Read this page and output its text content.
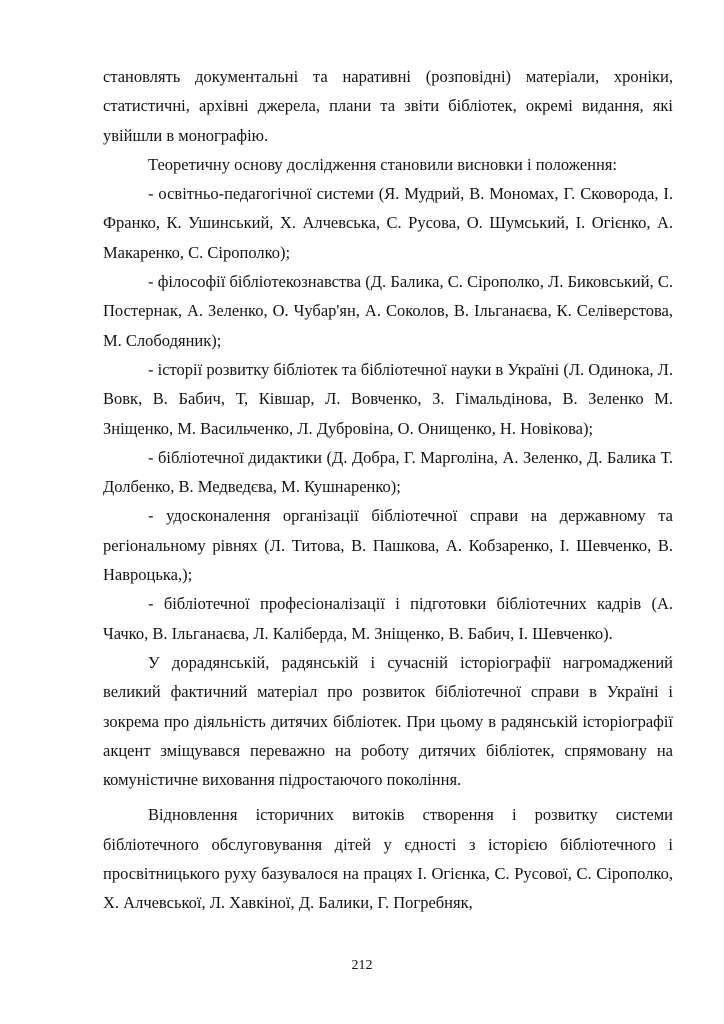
становлять документальні та наративні (розповідні) матеріали, хроніки, статистичні, архівні джерела, плани та звіти бібліотек, окремі видання, які увійшли в монографію.

Теоретичну основу дослідження становили висновки і положення:

- освітньо-педагогічної системи (Я. Мудрий, В. Мономах, Г. Сковорода, І. Франко, К. Ушинський, Х. Алчевська, С. Русова, О. Шумський, І. Огієнко, А. Макаренко, С. Сірополко);

- філософії бібліотекознавства (Д. Балика, С. Сірополко, Л. Биковський, С. Постернак, А. Зеленко, О. Чубар'ян, А. Соколов, В. Ільганаєва, К. Селіверстова, М. Слободяник);

- історії розвитку бібліотек та бібліотечної науки в Україні (Л. Одинока, Л. Вовк, В. Бабич, Т, Ківшар, Л. Вовченко, З. Гімальдінова, В. Зеленко М. Зніщенко, М. Васильченко, Л. Дубровіна, О. Онищенко, Н. Новікова);

- бібліотечної дидактики (Д. Добра, Г. Марголіна, А. Зеленко, Д. Балика Т. Долбенко, В. Медведєва, М. Кушнаренко);

- удосконалення організації бібліотечної справи на державному та регіональному рівнях (Л. Титова, В. Пашкова, А. Кобзаренко, І. Шевченко, В. Навроцька,);

- бібліотечної професіоналізації і підготовки бібліотечних кадрів (А. Чачко, В. Ільганаєва, Л. Каліберда, М. Зніщенко, В. Бабич, І. Шевченко).

У дорадянській, радянській і сучасній історіографії нагромаджений великий фактичний матеріал про розвиток бібліотечної справи в Україні і зокрема про діяльність дитячих бібліотек. При цьому в радянській історіографії акцент зміщувався переважно на роботу дитячих бібліотек, спрямовану на комуністичне виховання підростаючого покоління.

Відновлення історичних витоків створення і розвитку системи бібліотечного обслуговування дітей у єдності з історією бібліотечного і просвітницького руху базувалося на працях І. Огієнка, С. Русової, С. Сірополко, Х. Алчевської, Л. Хавкіної, Д. Балики, Г. Погребняк,

212
